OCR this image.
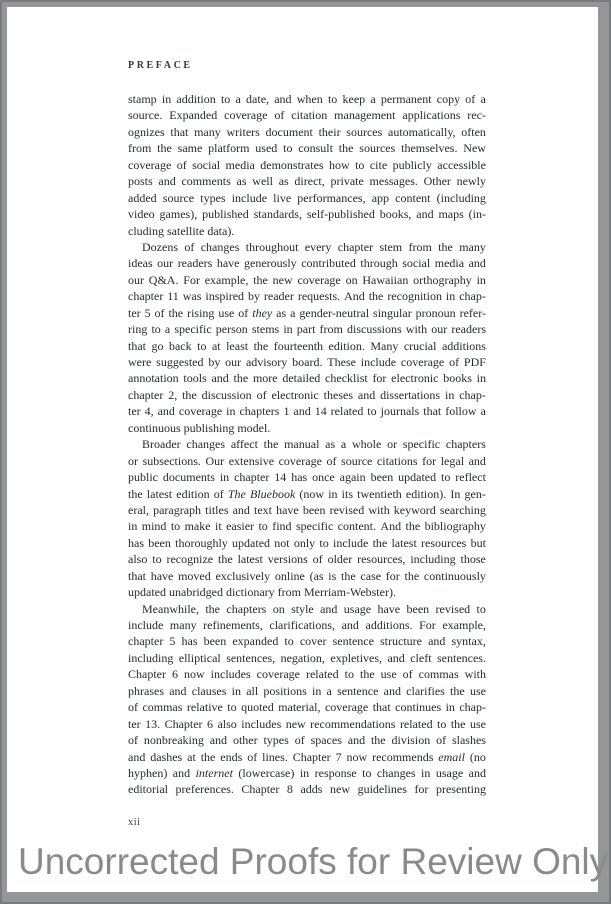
PREFACE
stamp in addition to a date, and when to keep a permanent copy of a
source. Expanded coverage of citation management applications rec-
ognizes that many writers document their sources automatically, often
from the same platform used to consult the sources themselves. New
coverage of social media demonstrates how to cite publicly accessible
posts and comments as well as direct, private messages. Other newly
added source types include live performances, app content (including
video games), published standards, self-published books, and maps (in-
cluding satellite data).
Dozens of changes throughout every chapter stem from the many
ideas our readers have generously contributed through social media and
our Q&A. For example, the new coverage on Hawaiian orthography in
chapter 11 was inspired by reader requests. And the recognition in chap-
ter 5 of the rising use of they as a gender-neutral singular pronoun refer-
ring to a specific person stems in part from discussions with our readers
that go back to at least the fourteenth edition. Many crucial additions
were suggested by our advisory board. These include coverage of PDF
annotation tools and the more detailed checklist for electronic books in
chapter 2, the discussion of electronic theses and dissertations in chap-
ter 4, and coverage in chapters 1 and 14 related to journals that follow a
continuous publishing model.
Broader changes affect the manual as a whole or specific chapters
or subsections. Our extensive coverage of source citations for legal and
public documents in chapter 14 has once again been updated to reflect
the latest edition of The Bluebook (now in its twentieth edition). In gen-
eral, paragraph titles and text have been revised with keyword searching
in mind to make it easier to find specific content. And the bibliography
has been thoroughly updated not only to include the latest resources but
also to recognize the latest versions of older resources, including those
that have moved exclusively online (as is the case for the continuously
updated unabridged dictionary from Merriam-Webster).
Meanwhile, the chapters on style and usage have been revised to
include many refinements, clarifications, and additions. For example,
chapter 5 has been expanded to cover sentence structure and syntax,
including elliptical sentences, negation, expletives, and cleft sentences.
Chapter 6 now includes coverage related to the use of commas with
phrases and clauses in all positions in a sentence and clarifies the use
of commas relative to quoted material, coverage that continues in chap-
ter 13. Chapter 6 also includes new recommendations related to the use
of nonbreaking and other types of spaces and the division of slashes
and dashes at the ends of lines. Chapter 7 now recommends email (no
hyphen) and internet (lowercase) in response to changes in usage and
editorial preferences. Chapter 8 adds new guidelines for presenting
xii
Uncorrected Proofs for Review Only
